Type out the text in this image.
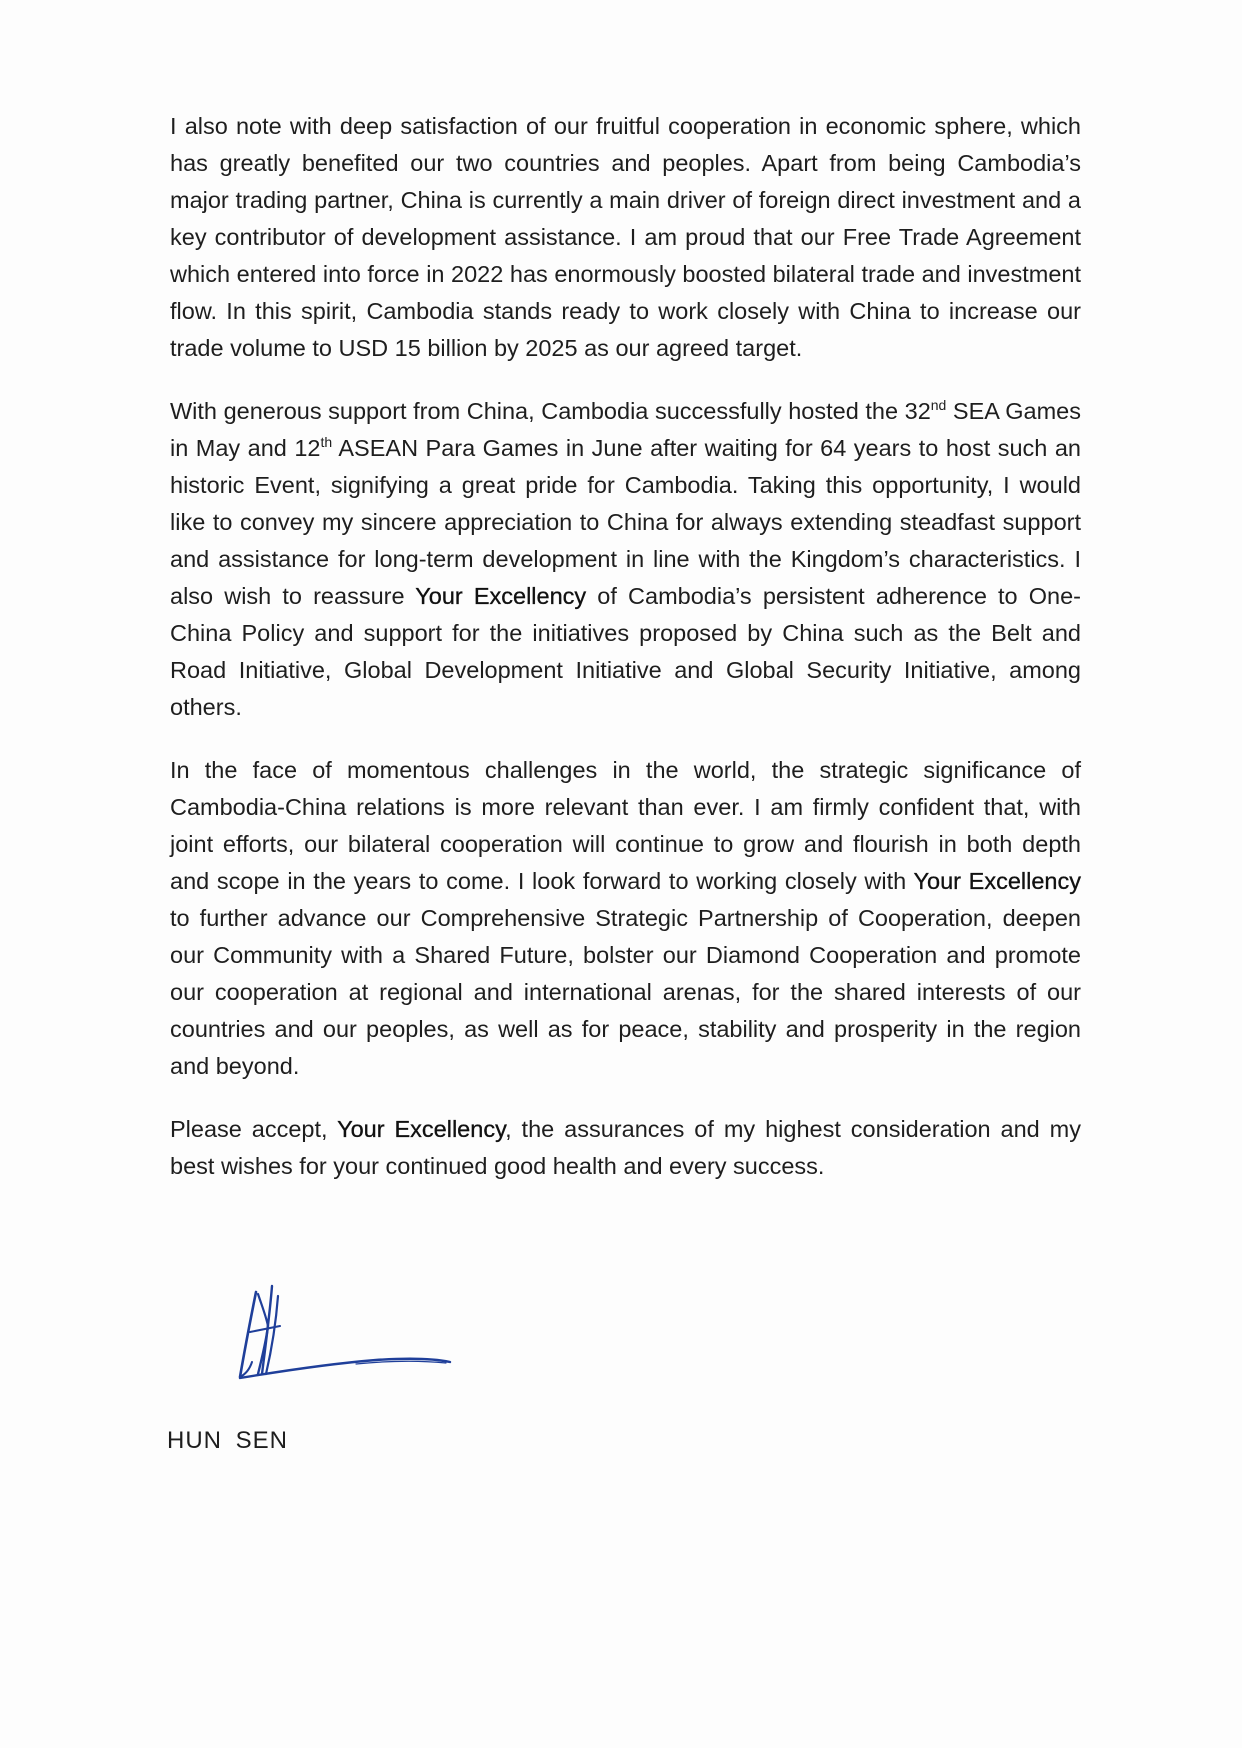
I also note with deep satisfaction of our fruitful cooperation in economic sphere, which has greatly benefited our two countries and peoples. Apart from being Cambodia’s major trading partner, China is currently a main driver of foreign direct investment and a key contributor of development assistance. I am proud that our Free Trade Agreement which entered into force in 2022 has enormously boosted bilateral trade and investment flow. In this spirit, Cambodia stands ready to work closely with China to increase our trade volume to USD 15 billion by 2025 as our agreed target.

With generous support from China, Cambodia successfully hosted the 32nd SEA Games in May and 12th ASEAN Para Games in June after waiting for 64 years to host such an historic Event, signifying a great pride for Cambodia. Taking this opportunity, I would like to convey my sincere appreciation to China for always extending steadfast support and assistance for long-term development in line with the Kingdom’s characteristics. I also wish to reassure Your Excellency of Cambodia’s persistent adherence to One-China Policy and support for the initiatives proposed by China such as the Belt and Road Initiative, Global Development Initiative and Global Security Initiative, among others.

In the face of momentous challenges in the world, the strategic significance of Cambodia-China relations is more relevant than ever. I am firmly confident that, with joint efforts, our bilateral cooperation will continue to grow and flourish in both depth and scope in the years to come. I look forward to working closely with Your Excellency to further advance our Comprehensive Strategic Partnership of Cooperation, deepen our Community with a Shared Future, bolster our Diamond Cooperation and promote our cooperation at regional and international arenas, for the shared interests of our countries and our peoples, as well as for peace, stability and prosperity in the region and beyond.

Please accept, Your Excellency, the assurances of my highest consideration and my best wishes for your continued good health and every success.

HUN SEN
